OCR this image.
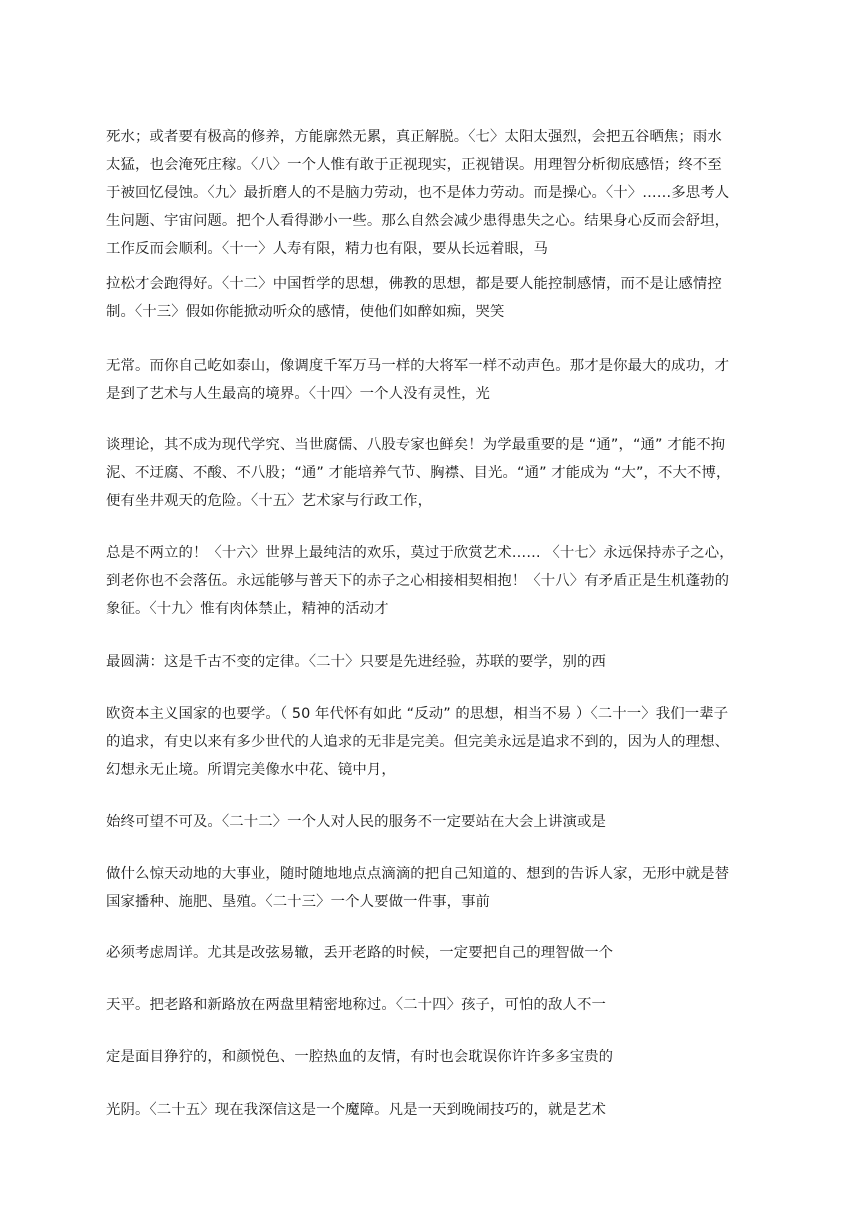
死水；或者要有极高的修养，方能廓然无累，真正解脱。〈七〉太阳太强烈，会把五谷晒焦；雨水
太猛，也会淹死庄稼。〈八〉一个人惟有敢于正视现实，正视错误。用理智分析彻底感悟；终不至
于被回忆侵蚀。〈九〉最折磨人的不是脑力劳动，也不是体力劳动。而是操心。〈十〉……多思考人
生问题、宇宙问题。把个人看得渺小一些。那么自然会减少患得患失之心。结果身心反而会舒坦，
工作反而会顺利。〈十一〉人寿有限，精力也有限，要从长远着眼，马

拉松才会跑得好。〈十二〉中国哲学的思想，佛教的思想，都是要人能控制感情，而不是让感情控
制。〈十三〉假如你能掀动听众的感情，使他们如醉如痴，哭笑

无常。而你自己屹如泰山，像调度千军万马一样的大将军一样不动声色。那才是你最大的成功，才
是到了艺术与人生最高的境界。〈十四〉一个人没有灵性，光

谈理论，其不成为现代学究、当世腐儒、八股专家也鲜矣！为学最重要的是 “通”，“通” 才能不拘
泥、不迂腐、不酸、不八股；“通” 才能培养气节、胸襟、目光。“通” 才能成为 “大”，不大不博，
便有坐井观天的危险。〈十五〉艺术家与行政工作，

总是不两立的！〈十六〉世界上最纯洁的欢乐，莫过于欣赏艺术…… 〈十七〉永远保持赤子之心，
到老你也不会落伍。永远能够与普天下的赤子之心相接相契相抱！〈十八〉有矛盾正是生机蓬勃的
象征。〈十九〉惟有肉体禁止，精神的活动才

最圆满：这是千古不变的定律。〈二十〉只要是先进经验，苏联的要学，别的西

欧资本主义国家的也要学。（ 50 年代怀有如此 “反动” 的思想，相当不易 ）〈二十一〉我们一辈子
的追求，有史以来有多少世代的人追求的无非是完美。但完美永远是追求不到的，因为人的理想、
幻想永无止境。所谓完美像水中花、镜中月，

始终可望不可及。〈二十二〉一个人对人民的服务不一定要站在大会上讲演或是

做什么惊天动地的大事业，随时随地地点点滴滴的把自己知道的、想到的告诉人家，无形中就是替
国家播种、施肥、垦殖。〈二十三〉一个人要做一件事，事前

必须考虑周详。尤其是改弦易辙，丢开老路的时候，一定要把自己的理智做一个

天平。把老路和新路放在两盘里精密地称过。〈二十四〉孩子，可怕的敌人不一

定是面目狰狞的，和颜悦色、一腔热血的友情，有时也会耽误你许许多多宝贵的

光阴。〈二十五〉现在我深信这是一个魔障。凡是一天到晚闹技巧的，就是艺术
